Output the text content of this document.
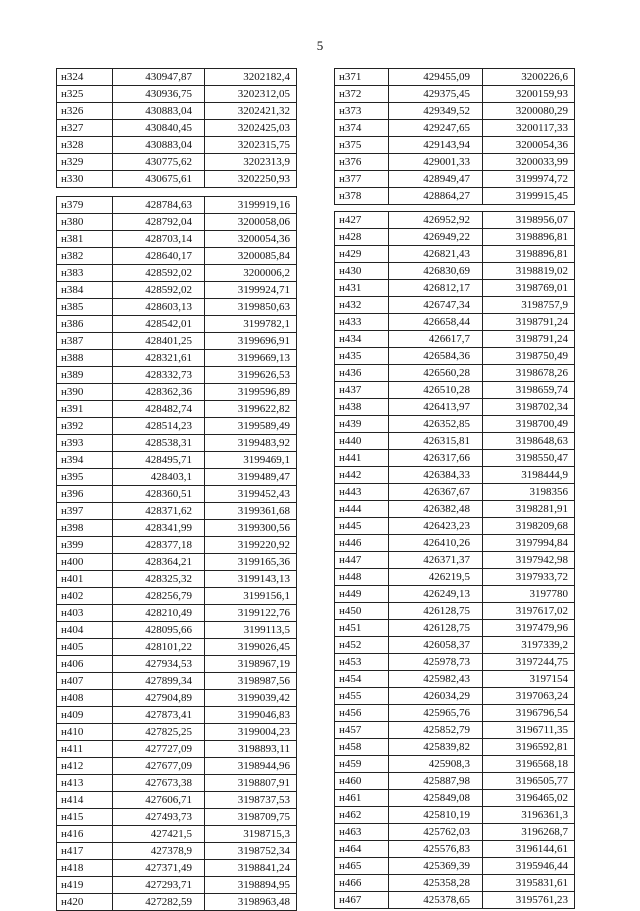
5
н324	430947,87	3202182,4
н325	430936,75	3202312,05
н326	430883,04	3202421,32
н327	430840,45	3202425,03
н328	430883,04	3202315,75
н329	430775,62	3202313,9
н330	430675,61	3202250,93
н379	428784,63	3199919,16
н380	428792,04	3200058,06
н381	428703,14	3200054,36
н382	428640,17	3200085,84
н383	428592,02	3200006,2
н384	428592,02	3199924,71
н385	428603,13	3199850,63
н386	428542,01	3199782,1
н387	428401,25	3199696,91
н388	428321,61	3199669,13
н389	428332,73	3199626,53
н390	428362,36	3199596,89
н391	428482,74	3199622,82
н392	428514,23	3199589,49
н393	428538,31	3199483,92
н394	428495,71	3199469,1
н395	428403,1	3199489,47
н396	428360,51	3199452,43
н397	428371,62	3199361,68
н398	428341,99	3199300,56
н399	428377,18	3199220,92
н400	428364,21	3199165,36
н401	428325,32	3199143,13
н402	428256,79	3199156,1
н403	428210,49	3199122,76
н404	428095,66	3199113,5
н405	428101,22	3199026,45
н406	427934,53	3198967,19
н407	427899,34	3198987,56
н408	427904,89	3199039,42
н409	427873,41	3199046,83
н410	427825,25	3199004,23
н411	427727,09	3198893,11
н412	427677,09	3198944,96
н413	427673,38	3198807,91
н414	427606,71	3198737,53
н415	427493,73	3198709,75
н416	427421,5	3198715,3
н417	427378,9	3198752,34
н418	427371,49	3198841,24
н419	427293,71	3198894,95
н420	427282,59	3198963,48
н371	429455,09	3200226,6
н372	429375,45	3200159,93
н373	429349,52	3200080,29
н374	429247,65	3200117,33
н375	429143,94	3200054,36
н376	429001,33	3200033,99
н377	428949,47	3199974,72
н378	428864,27	3199915,45
н427	426952,92	3198956,07
н428	426949,22	3198896,81
н429	426821,43	3198896,81
н430	426830,69	3198819,02
н431	426812,17	3198769,01
н432	426747,34	3198757,9
н433	426658,44	3198791,24
н434	426617,7	3198791,24
н435	426584,36	3198750,49
н436	426560,28	3198678,26
н437	426510,28	3198659,74
н438	426413,97	3198702,34
н439	426352,85	3198700,49
н440	426315,81	3198648,63
н441	426317,66	3198550,47
н442	426384,33	3198444,9
н443	426367,67	3198356
н444	426382,48	3198281,91
н445	426423,23	3198209,68
н446	426410,26	3197994,84
н447	426371,37	3197942,98
н448	426219,5	3197933,72
н449	426249,13	3197780
н450	426128,75	3197617,02
н451	426128,75	3197479,96
н452	426058,37	3197339,2
н453	425978,73	3197244,75
н454	425982,43	3197154
н455	426034,29	3197063,24
н456	425965,76	3196796,54
н457	425852,79	3196711,35
н458	425839,82	3196592,81
н459	425908,3	3196568,18
н460	425887,98	3196505,77
н461	425849,08	3196465,02
н462	425810,19	3196361,3
н463	425762,03	3196268,7
н464	425576,83	3196144,61
н465	425369,39	3195946,44
н466	425358,28	3195831,61
н467	425378,65	3195761,23
